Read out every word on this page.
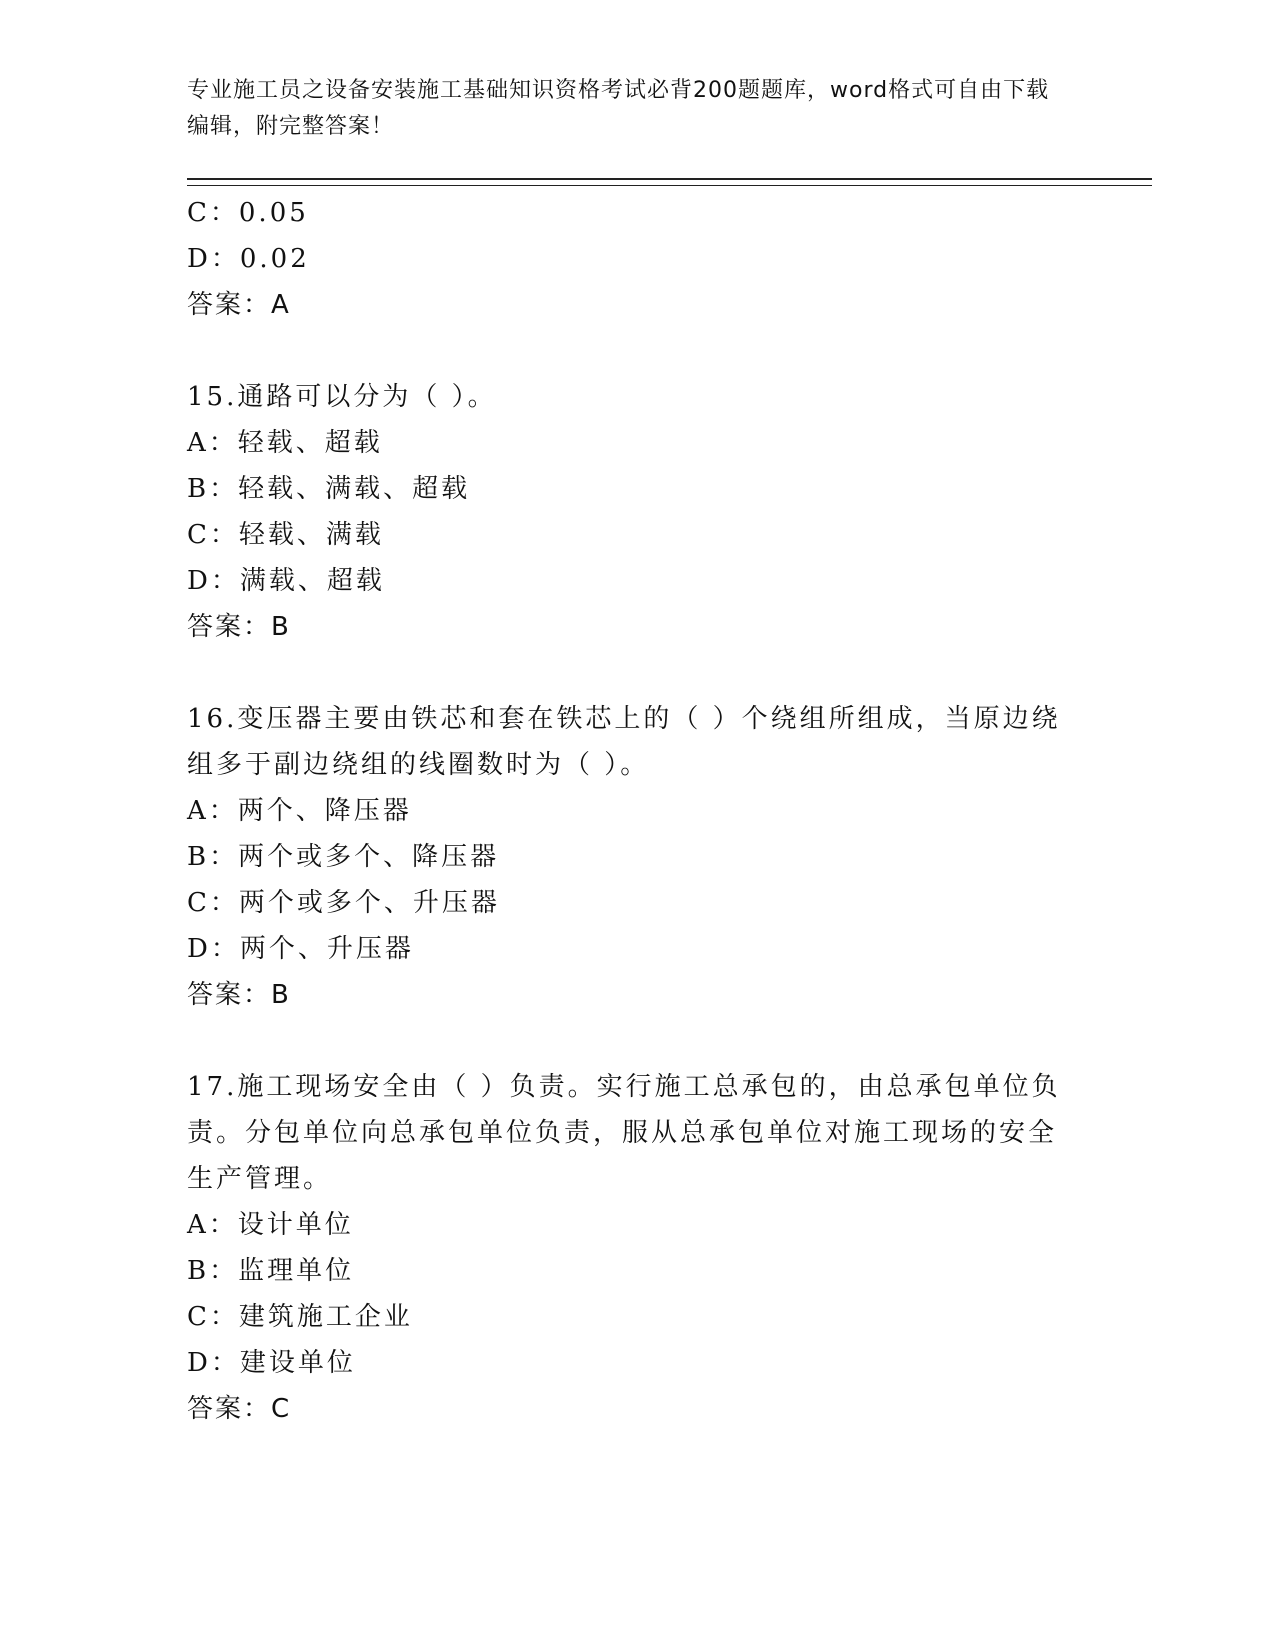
专业施工员之设备安装施工基础知识资格考试必背200题题库，word格式可自由下载编辑，附完整答案！
C：0.05
D：0.02
答案：A
15.通路可以分为（ ）。
A：轻载、超载
B：轻载、满载、超载
C：轻载、满载
D：满载、超载
答案：B
16.变压器主要由铁芯和套在铁芯上的（ ）个绕组所组成，当原边绕组多于副边绕组的线圈数时为（ ）。
A：两个、降压器
B：两个或多个、降压器
C：两个或多个、升压器
D：两个、升压器
答案：B
17.施工现场安全由（ ）负责。实行施工总承包的，由总承包单位负责。分包单位向总承包单位负责，服从总承包单位对施工现场的安全生产管理。
A：设计单位
B：监理单位
C：建筑施工企业
D：建设单位
答案：C
